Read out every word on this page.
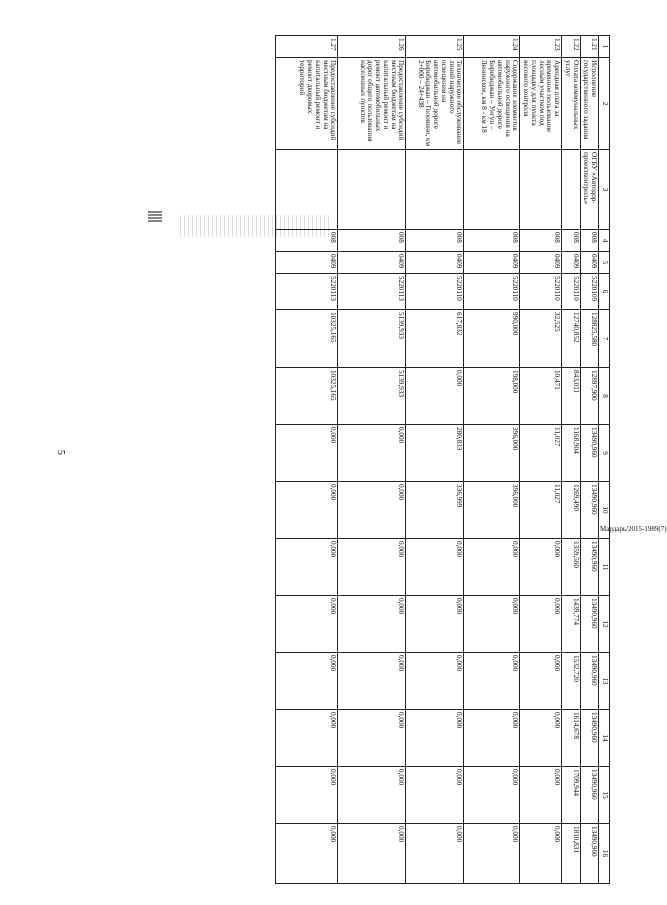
5
1	2	3	4	5	6	7	8	9	10	11	12	13	14	15	16
1.21	Исполнение государственного задания	ОГБУ «Автодор-проектконтроль»	008	0409	5220109	128825,580	12897,900	13490,960	13490,960	13490,960	13490,960	13490,960	13490,960	13490,960	13490,960
1.22	Оплата коммунальных услуг		008	0409	5220110	12740,852	843,011	1168,904	1269,490	1359,560	1439,774	1532,720	1614,678	1709,944	1810,831
1.23	Арендная плата за временное пользование лесным участком под площадку для пункта весового контроля		008	0409	5220110	32,525	10,471	11,027	11,027	0,000	0,000	0,000	0,000	0,000	0,000
1.24	Содержание элементов наружного освещения на автомобильной дороге Биробиджан – Унгун – Ленинское, км 8 - км 18		008	0409	5220110	990,000	198,000	396,000	396,000	0,000	0,000	0,000	0,000	0,000	0,000
1.25	Техническое обслуживание линий наружного освещения на автомобильной дороге Биробиджан – Головино, км 2+000 – 24+438		008	0409	5220110	617,832	0,000	280,833	336,999	0,000	0,000	0,000	0,000	0,000	0,000
1.26	Предоставление субсидий местным бюджетам на капитальный ремонт и ремонт автомобильных дорог общего пользования населенных пунктов		008	0409	5220113	5139,933	5139,933	0,000	0,000	0,000	0,000	0,000	0,000	0,000	0,000
1.27	Предоставление субсидий местным бюджетам на капитальный ремонт и ремонт дворовых территорий		008	0409	5220113	10325,165	10325,165	0,000	0,000	0,000	0,000	0,000	0,000	0,000	0,000
Мардарь/2015-1989(7)
